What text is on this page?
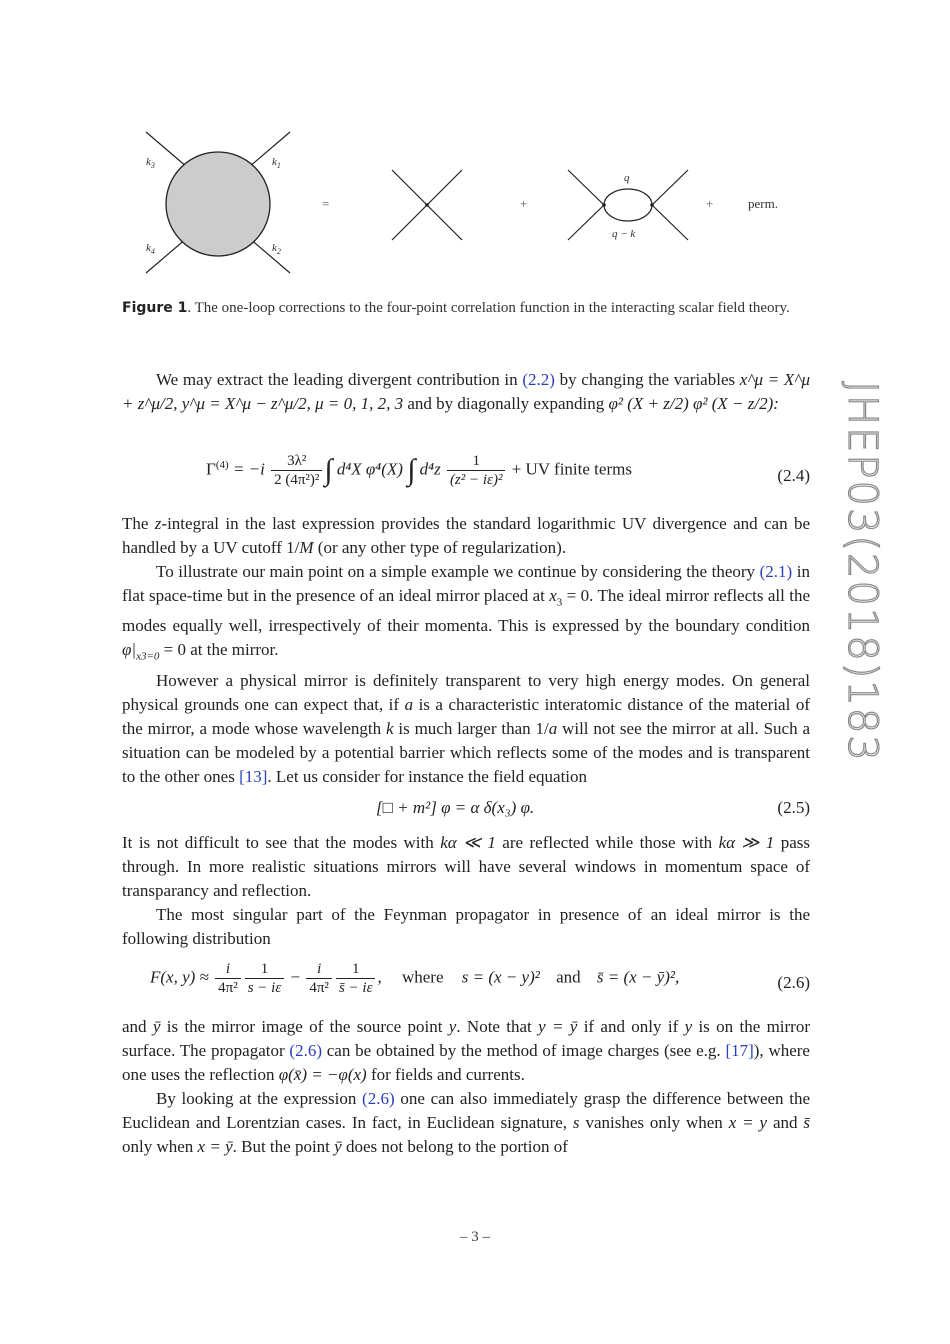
$k_3$	$k_1$
$k_4$	$k_2$
=	+
q
q − k
+	perm.
Figure 1. The one-loop corrections to the four-point correlation function in the interacting scalar field theory.

We may extract the leading divergent contribution in (2.2) by changing the variables x^μ = X^μ + z^μ/2, y^μ = X^μ − z^μ/2, μ = 0, 1, 2, 3 and by diagonally expanding φ² (X + z/2) φ² (X − z/2):

$\Gamma^{(4)} = -i \frac{\text{3λ²}}{\text{2 (4π²)²}}$ ∫ d⁴X φ⁴(X) ∫ $d^4z \frac{1}{\text{(z² − iε)²}}$ + UV finite terms	(2.4)

The z-integral in the last expression provides the standard logarithmic UV divergence and can be handled by a UV cutoff 1/M (or any other type of regularization).

To illustrate our main point on a simple example we continue by considering the theory (2.1) in flat space-time but in the presence of an ideal mirror placed at $x_3 = 0$. The ideal mirror reflects all the modes equally well, irrespectively of their momenta. This is expressed by the boundary condition $\varphi|_{x3=0} = 0$ at the mirror.

However a physical mirror is definitely transparent to very high energy modes. On general physical grounds one can expect that, if a is a characteristic interatomic distance of the material of the mirror, a mode whose wavelength k is much larger than 1/a will not see the mirror at all. Such a situation can be modeled by a potential barrier which reflects some of the modes and is transparent to the other ones [13]. Let us consider for instance the field equation

[□ + m²] φ = α δ(x₃) φ.	(2.5)

It is not difficult to see that the modes with kα ≪ 1 are reflected while those with kα ≫ 1 pass through. In more realistic situations mirrors will have several windows in momentum space of transparancy and reflection.

The most singular part of the Feynman propagator in presence of an ideal mirror is the following distribution

F(x, $y) \approx \frac{i}{\text{4π²}} \frac{1}{s - i\varepsilon} - \frac{i}{\text{4π²}} \frac{1}{s̄ - i\varepsilon}$ , where s = (x − y)² and s̄ = (x − ȳ)²,	(2.6)

and ȳ is the mirror image of the source point y. Note that y = ȳ if and only if y is on the mirror surface. The propagator (2.6) can be obtained by the method of image charges (see e.g. [17]), where one uses the reflection φ(x̄) = −φ(x) for fields and currents.

By looking at the expression (2.6) one can also immediately grasp the difference between the Euclidean and Lorentzian cases. In fact, in Euclidean signature, s vanishes only when x = y and s̄ only when x = ȳ. But the point ȳ does not belong to the portion of

JHEP03(2018)183
– 3 –
